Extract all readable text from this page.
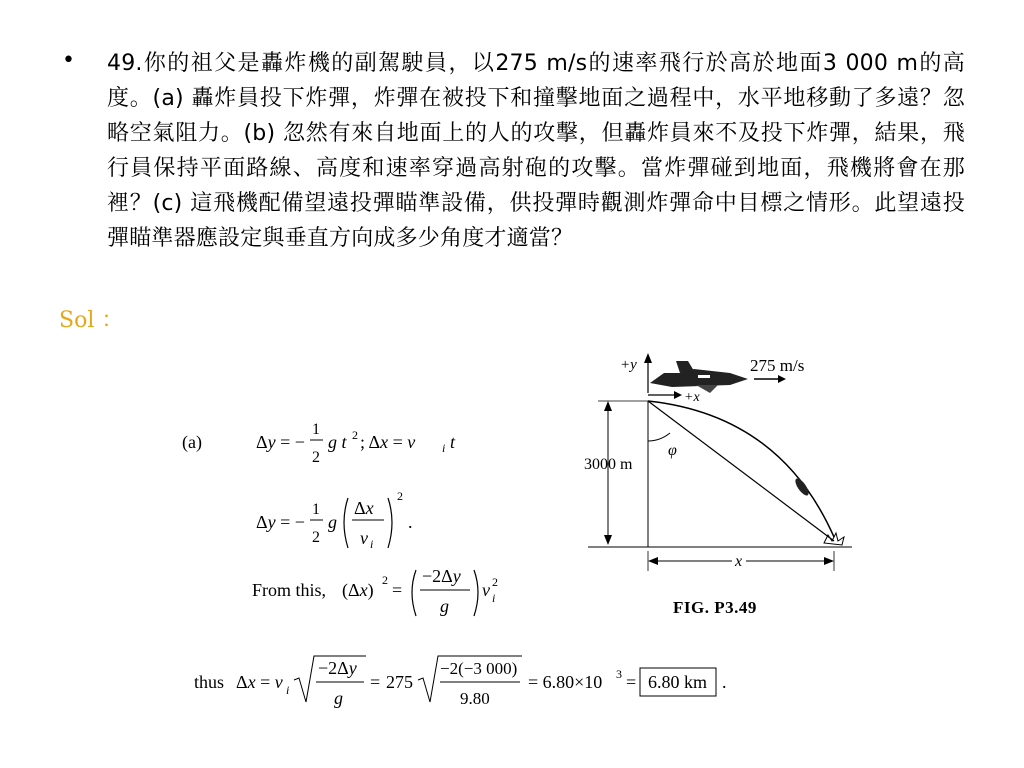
• 49.你的祖父是轟炸機的副駕駛員，以275 m/s的速率飛行於高於地面3 000 m的高度。(a) 轟炸員投下炸彈，炸彈在被投下和撞擊地面之過程中，水平地移動了多遠？忽略空氣阻力。(b) 忽然有來自地面上的人的攻擊，但轟炸員來不及投下炸彈，結果，飛行員保持平面路線、高度和速率穿過高射砲的攻擊。當炸彈碰到地面，飛機將會在那裡？(c) 這飛機配備望遠投彈瞄準設備，供投彈時觀測炸彈命中目標之情形。此望遠投彈瞄準器應設定與垂直方向成多少角度才適當？
Sol ：
(a)	Δy = −
1
2
g t 2 ; Δx = v i t
Δy = −
1
2
g
Δx
v i
2
.
From this, (Δx) 2 =
−2Δy
g
v 2
i
thus Δx = v i
−2Δy
g
= 275
−2(−3 000)
9.80
= 6.80×10 3 = 6.80 km .
+y	275 m/s
+x
3000 m
φ
x
FIG. P3.49
